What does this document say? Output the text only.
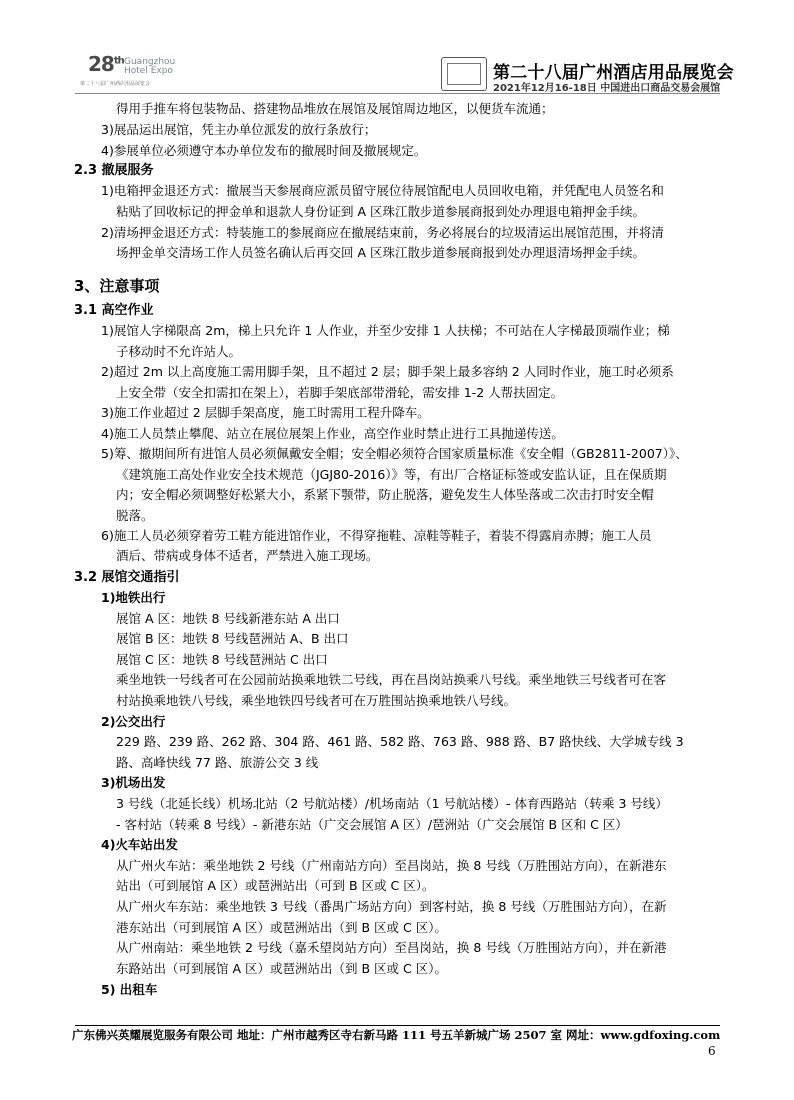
28th Guangzhou
Hotel Expo
第二十八届广州酒店用品展览会
第二十八届广州酒店用品展览会
2021年12月16-18日 中国进出口商品交易会展馆
得用手推车将包装物品、搭建物品堆放在展馆及展馆周边地区，以便货车流通；
3)展品运出展馆，凭主办单位派发的放行条放行；
4)参展单位必须遵守本办单位发布的撤展时间及撤展规定。
2.3 撤展服务
1)电箱押金退还方式：撤展当天参展商应派员留守展位待展馆配电人员回收电箱，并凭配电人员签名和
粘贴了回收标记的押金单和退款人身份证到 A 区珠江散步道参展商报到处办理退电箱押金手续。
2)清场押金退还方式：特装施工的参展商应在撤展结束前，务必将展台的垃圾清运出展馆范围，并将清
场押金单交清场工作人员签名确认后再交回 A 区珠江散步道参展商报到处办理退清场押金手续。
3、注意事项
3.1 高空作业
1)展馆人字梯限高 2m，梯上只允许 1 人作业，并至少安排 1 人扶梯；不可站在人字梯最顶端作业；梯
子移动时不允许站人。
2)超过 2m 以上高度施工需用脚手架，且不超过 2 层；脚手架上最多容纳 2 人同时作业，施工时必须系
上安全带（安全扣需扣在架上），若脚手架底部带滑轮，需安排 1-2 人帮扶固定。
3)施工作业超过 2 层脚手架高度，施工时需用工程升降车。
4)施工人员禁止攀爬、站立在展位展架上作业，高空作业时禁止进行工具抛递传送。
5)筹、撤期间所有进馆人员必须佩戴安全帽；安全帽必须符合国家质量标准《安全帽（GB2811-2007）》、
《建筑施工高处作业安全技术规范（JGJ80-2016）》等，有出厂合格证标签或安监认证，且在保质期
内；安全帽必须调整好松紧大小，系紧下颚带，防止脱落，避免发生人体坠落或二次击打时安全帽
脱落。
6)施工人员必须穿着劳工鞋方能进馆作业，不得穿拖鞋、凉鞋等鞋子，着装不得露肩赤膊；施工人员
酒后、带病或身体不适者，严禁进入施工现场。
3.2 展馆交通指引
1)地铁出行
展馆 A 区：地铁 8 号线新港东站 A 出口
展馆 B 区：地铁 8 号线琶洲站 A、B 出口
展馆 C 区：地铁 8 号线琶洲站 C 出口
乘坐地铁一号线者可在公园前站换乘地铁二号线，再在昌岗站换乘八号线。乘坐地铁三号线者可在客
村站换乘地铁八号线，乘坐地铁四号线者可在万胜围站换乘地铁八号线。
2)公交出行
229 路、239 路、262 路、304 路、461 路、582 路、763 路、988 路、B7 路快线、大学城专线 3
路、高峰快线 77 路、旅游公交 3 线
3)机场出发
3 号线（北延长线）机场北站（2 号航站楼）/机场南站（1 号航站楼）- 体育西路站（转乘 3 号线）
- 客村站（转乘 8 号线）- 新港东站（广交会展馆 A 区）/琶洲站（广交会展馆 B 区和 C 区）
4)火车站出发
从广州火车站：乘坐地铁 2 号线（广州南站方向）至昌岗站，换 8 号线（万胜围站方向），在新港东
站出（可到展馆 A 区）或琶洲站出（可到 B 区或 C 区）。
从广州火车东站：乘坐地铁 3 号线（番禺广场站方向）到客村站，换 8 号线（万胜围站方向），在新
港东站出（可到展馆 A 区）或琶洲站出（到 B 区或 C 区）。
从广州南站：乘坐地铁 2 号线（嘉禾望岗站方向）至昌岗站，换 8 号线（万胜围站方向），并在新港
东路站出（可到展馆 A 区）或琶洲站出（到 B 区或 C 区）。
5) 出租车
广东佛兴英耀展览服务有限公司 地址：广州市越秀区寺右新马路 111 号五羊新城广场 2507 室 网址：www.gdfoxing.com
6
